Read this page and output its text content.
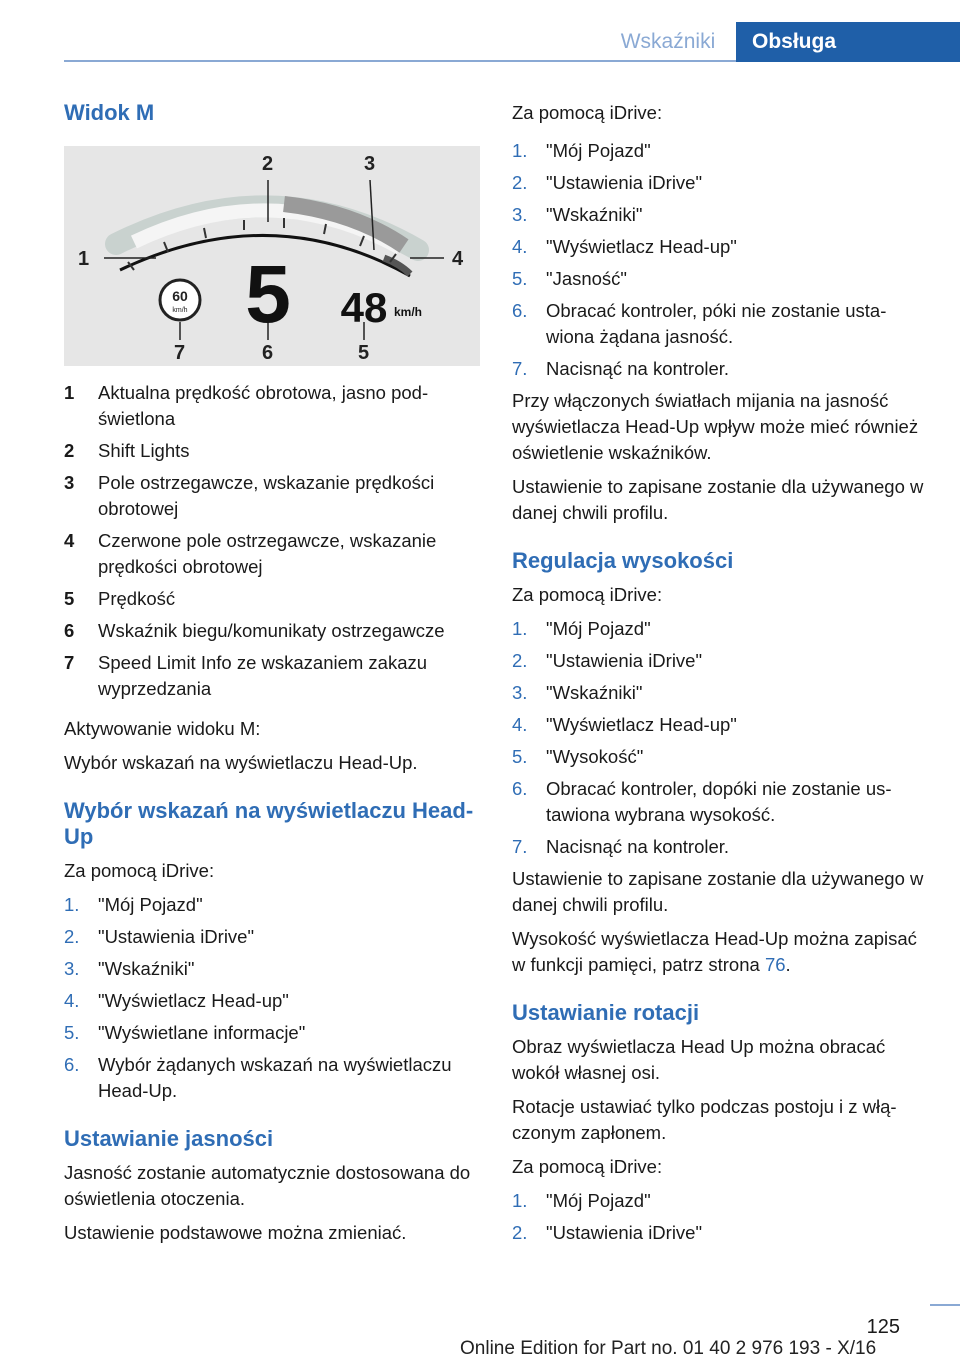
Wskaźniki	Obsługa
Widok M
1
2	3
4
5
6
7
60
km/h 5 48 km/h
1	Aktualna prędkość obrotowa, jasno podświetlona
2	Shift Lights
3	Pole ostrzegawcze, wskazanie prędkości obrotowej
4	Czerwone pole ostrzegawcze, wskazanie prędkości obrotowej
5	Prędkość
6	Wskaźnik biegu/komunikaty ostrzegawcze
7	Speed Limit Info ze wskazaniem zakazu wyprzedzania

Aktywowanie widoku M:

Wybór wskazań na wyświetlaczu Head-Up.

Wybór wskazań na wyświetlaczu Head-Up

Za pomocą iDrive:

1.	"Mój Pojazd"
2.	"Ustawienia iDrive"
3.	"Wskaźniki"
4.	"Wyświetlacz Head-up"
5.	"Wyświetlane informacje"
6.	Wybór żądanych wskazań na wyświetlaczu Head-Up.
Ustawianie jasności

Jasność zostanie automatycznie dostosowana do oświetlenia otoczenia.

Ustawienie podstawowe można zmieniać.

Za pomocą iDrive:

1.	"Mój Pojazd"
2.	"Ustawienia iDrive"
3.	"Wskaźniki"
4.	"Wyświetlacz Head-up"
5.	"Jasność"
6.	Obracać kontroler, póki nie zostanie ustawiona żądana jasność.
7.	Nacisnąć na kontroler.

Przy włączonych światłach mijania na jasność wyświetlacza Head-Up wpływ może mieć również oświetlenie wskaźników.

Ustawienie to zapisane zostanie dla używanego w danej chwili profilu.

Regulacja wysokości

Za pomocą iDrive:

1.	"Mój Pojazd"
2.	"Ustawienia iDrive"
3.	"Wskaźniki"
4.	"Wyświetlacz Head-up"
5.	"Wysokość"
6.	Obracać kontroler, dopóki nie zostanie ustawiona wybrana wysokość.
7.	Nacisnąć na kontroler.

Ustawienie to zapisane zostanie dla używanego w danej chwili profilu.

Wysokość wyświetlacza Head-Up można zapisać w funkcji pamięci, patrz strona 76.

Ustawianie rotacji

Obraz wyświetlacza Head Up można obracać wokół własnej osi.

Rotacje ustawiać tylko podczas postoju i z włączonym zapłonem.

Za pomocą iDrive:

1.	"Mój Pojazd"
2.	"Ustawienia iDrive"
125
Online Edition for Part no. 01 40 2 976 193 - X/16
